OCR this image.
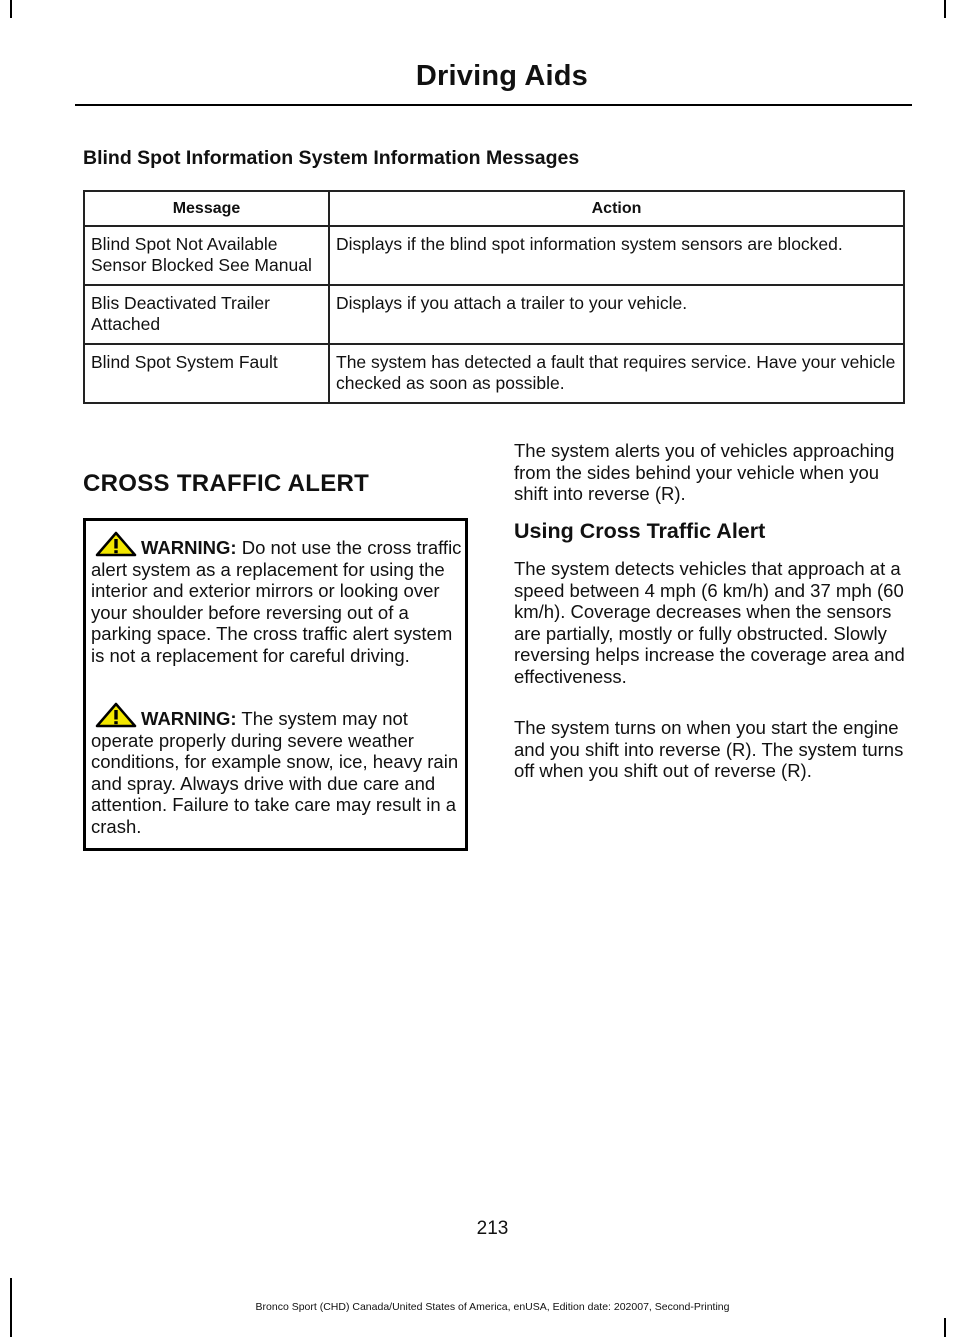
Driving Aids
Blind Spot Information System Information Messages
Message	Action
Blind Spot Not Available Sensor Blocked See Manual	Displays if the blind spot information system sensors are blocked.
Blis Deactivated Trailer Attached	Displays if you attach a trailer to your vehicle.
Blind Spot System Fault	The system has detected a fault that requires service. Have your vehicle checked as soon as possible.
CROSS TRAFFIC ALERT

WARNING: Do not use the cross traffic alert system as a replacement for using the interior and exterior mirrors or looking over your shoulder before reversing out of a parking space. The cross traffic alert system is not a replacement for careful driving.

WARNING: The system may not operate properly during severe weather conditions, for example snow, ice, heavy rain and spray. Always drive with due care and attention. Failure to take care may result in a crash.

The system alerts you of vehicles approaching from the sides behind your vehicle when you shift into reverse (R).

Using Cross Traffic Alert

The system detects vehicles that approach at a speed between 4 mph (6 km/h) and 37 mph (60 km/h). Coverage decreases when the sensors are partially, mostly or fully obstructed. Slowly reversing helps increase the coverage area and effectiveness.

The system turns on when you start the engine and you shift into reverse (R). The system turns off when you shift out of reverse (R).

213
Bronco Sport (CHD) Canada/United States of America, enUSA, Edition date: 202007, Second-Printing
